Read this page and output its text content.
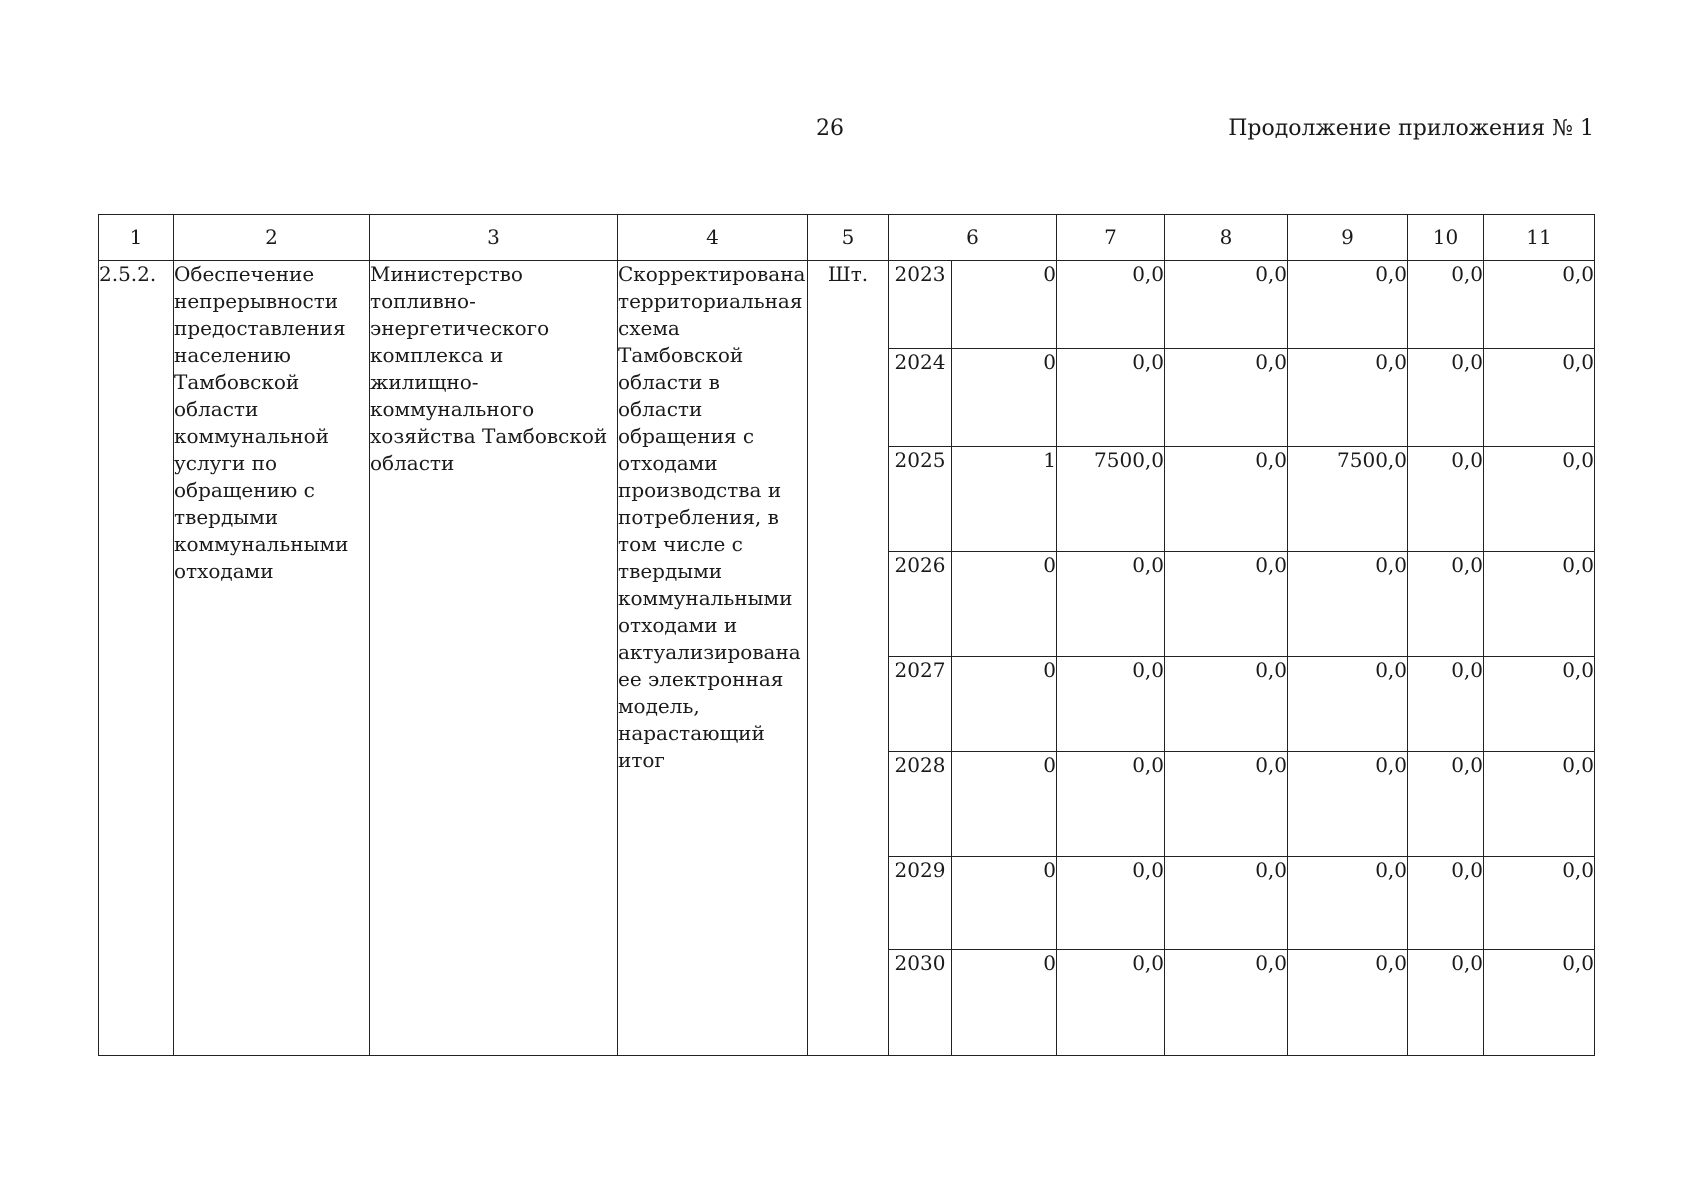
26	Продолжение приложения № 1
1	2	3	4	5	6		7	8	9	10	11
2.5.2.	Обеспечение непрерывности предоставления населению Тамбовской области коммунальной услуги по обращению с твердыми коммунальными отходами	Министерство топливно-энергетического комплекса и жилищно-коммунального хозяйства Тамбовской области	Скорректирована территориальная схема Тамбовской области в области обращения с отходами производства и потребления, в том числе с твердыми коммунальными отходами и актуализирована ее электронная модель, нарастающий итог	Шт.	2023	0	0,0	0,0	0,0	0,0	0,0
					2024	0	0,0	0,0	0,0	0,0	0,0
					2025	1	7500,0	0,0	7500,0	0,0	0,0
					2026	0	0,0	0,0	0,0	0,0	0,0
					2027	0	0,0	0,0	0,0	0,0	0,0
					2028	0	0,0	0,0	0,0	0,0	0,0
					2029	0	0,0	0,0	0,0	0,0	0,0
					2030	0	0,0	0,0	0,0	0,0	0,0
